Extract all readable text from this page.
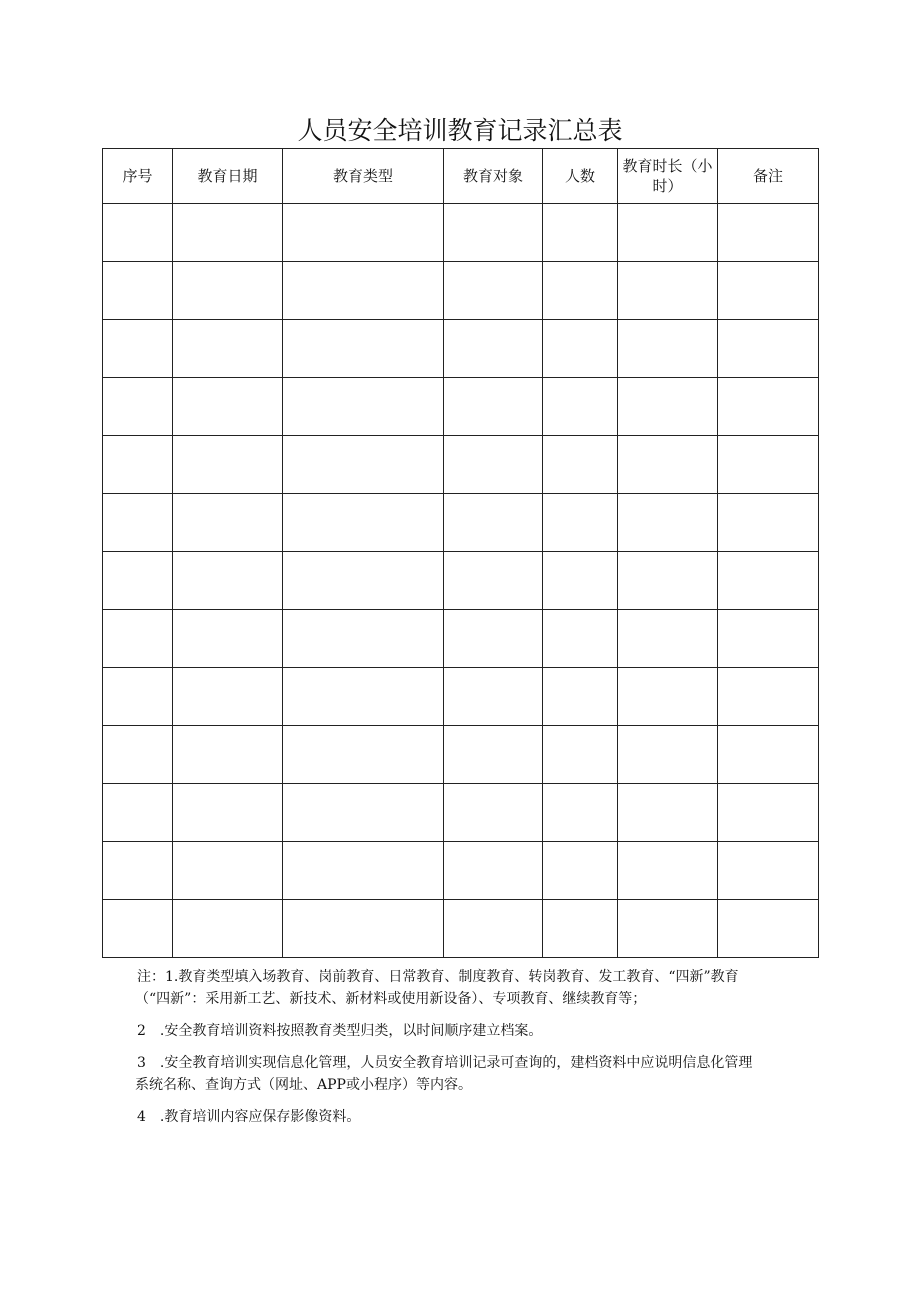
人员安全培训教育记录汇总表
序号	教育日期	教育类型	教育对象	人数	教育时长（小时）	备注

注：1.教育类型填入场教育、岗前教育、日常教育、制度教育、转岗教育、发工教育、“四新”教育

（“四新”：采用新工艺、新技术、新材料或使用新设备）、专项教育、继续教育等；

2　.安全教育培训资料按照教育类型归类，以时间顺序建立档案。

3　.安全教育培训实现信息化管理，人员安全教育培训记录可查询的，建档资料中应说明信息化管理

系统名称、查询方式（网址、APP或小程序）等内容。

4　.教育培训内容应保存影像资料。
